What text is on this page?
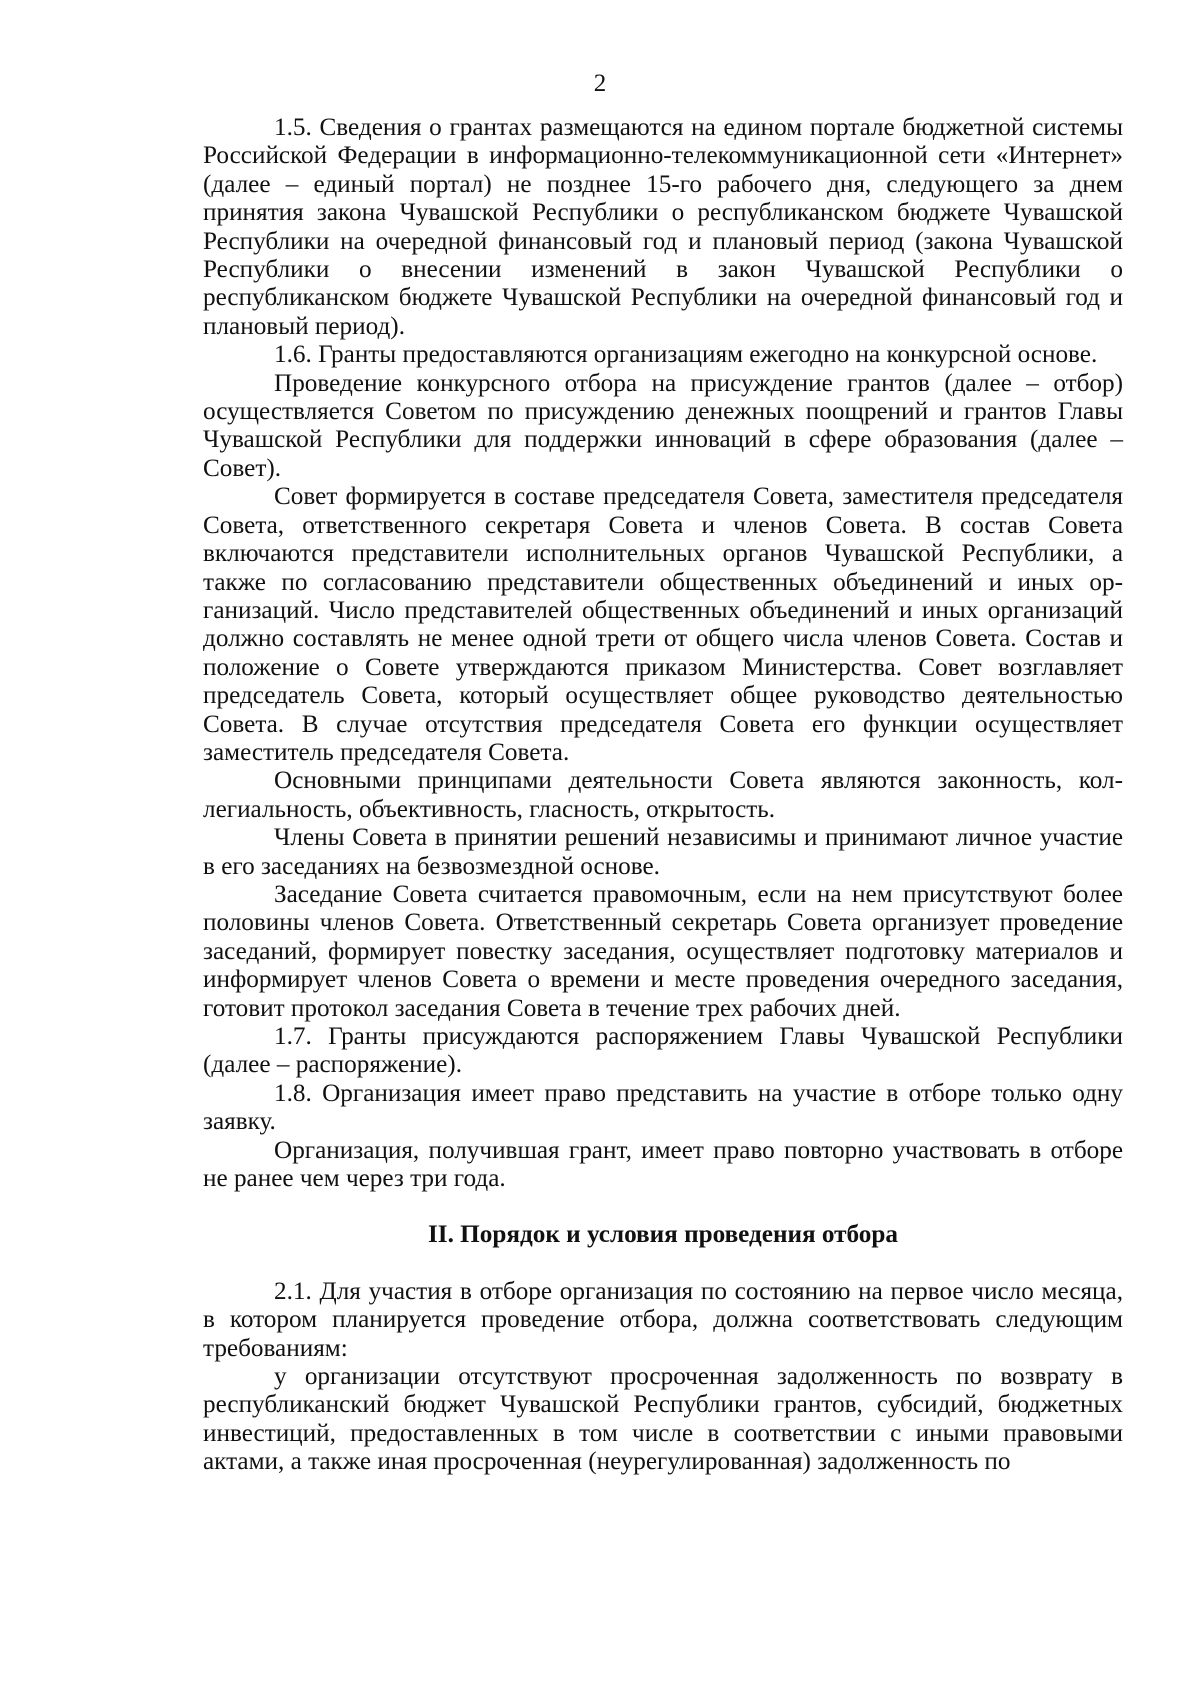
2

1.5. Сведения о грантах размещаются на едином портале бюджетной системы Российской Федерации в информационно-телекоммуникационной сети «Интернет» (далее – единый портал) не позднее 15-го рабочего дня, следующего за днем принятия закона Чувашской Республики о республиканском бюджете Чувашской Республики на очередной финансовый год и плановый период (закона Чувашской Республики о внесении изменений в закон Чувашской Республики о республиканском бюджете Чувашской Республики на очередной финансовый год и плановый период).

1.6. Гранты предоставляются организациям ежегодно на конкурсной основе.

Проведение конкурсного отбора на присуждение грантов (далее – отбор) осуществляется Советом по присуждению денежных поощрений и грантов Главы Чувашской Республики для поддержки инноваций в сфере образования (далее – Совет).

Совет формируется в составе председателя Совета, заместителя председателя Совета, ответственного секретаря Совета и членов Совета. В состав Совета включаются представители исполнительных органов Чувашской Республики, а также по согласованию представители общественных объединений и иных организаций. Число представителей общественных объединений и иных организаций должно составлять не менее одной трети от общего числа членов Совета. Состав и положение о Совете утверждаются приказом Министерства. Совет возглавляет председатель Совета, который осуществляет общее руководство деятельностью Совета. В случае отсутствия председателя Совета его функции осуществляет заместитель председателя Совета.

Основными принципами деятельности Совета являются законность, коллегиальность, объективность, гласность, открытость.

Члены Совета в принятии решений независимы и принимают личное участие в его заседаниях на безвозмездной основе.

Заседание Совета считается правомочным, если на нем присутствуют более половины членов Совета. Ответственный секретарь Совета организует проведение заседаний, формирует повестку заседания, осуществляет подготовку материалов и информирует членов Совета о времени и месте проведения очередного заседания, готовит протокол заседания Совета в течение трех рабочих дней.

1.7. Гранты присуждаются распоряжением Главы Чувашской Республики (далее – распоряжение).

1.8. Организация имеет право представить на участие в отборе только одну заявку.

Организация, получившая грант, имеет право повторно участвовать в отборе не ранее чем через три года.

II. Порядок и условия проведения отбора

2.1. Для участия в отборе организация по состоянию на первое число месяца, в котором планируется проведение отбора, должна соответствовать следующим требованиям:

у организации отсутствуют просроченная задолженность по возврату в республиканский бюджет Чувашской Республики грантов, субсидий, бюджетных инвестиций, предоставленных в том числе в соответствии с иными правовыми актами, а также иная просроченная (неурегулированная) задолженность по
